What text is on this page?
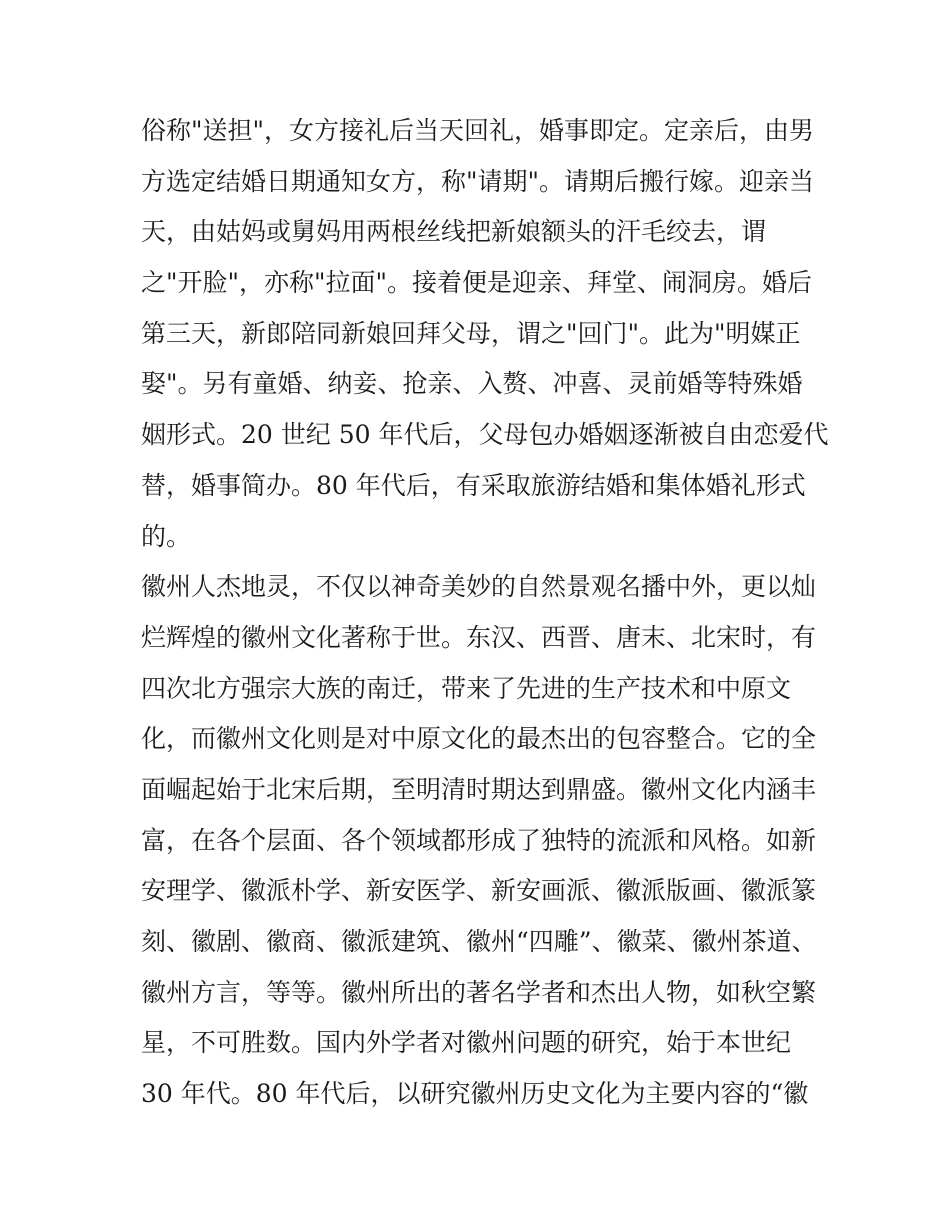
俗称"送担"，女方接礼后当天回礼，婚事即定。定亲后，由男
方选定结婚日期通知女方，称"请期"。请期后搬行嫁。迎亲当
天，由姑妈或舅妈用两根丝线把新娘额头的汗毛绞去，谓
之"开脸"，亦称"拉面"。接着便是迎亲、拜堂、闹洞房。婚后
第三天，新郎陪同新娘回拜父母，谓之"回门"。此为"明媒正
娶"。另有童婚、纳妾、抢亲、入赘、冲喜、灵前婚等特殊婚
姻形式。20 世纪 50 年代后，父母包办婚姻逐渐被自由恋爱代
替，婚事简办。80 年代后，有采取旅游结婚和集体婚礼形式
的。
徽州人杰地灵，不仅以神奇美妙的自然景观名播中外，更以灿
烂辉煌的徽州文化著称于世。东汉、西晋、唐末、北宋时，有
四次北方强宗大族的南迁，带来了先进的生产技术和中原文
化，而徽州文化则是对中原文化的最杰出的包容整合。它的全
面崛起始于北宋后期，至明清时期达到鼎盛。徽州文化内涵丰
富，在各个层面、各个领域都形成了独特的流派和风格。如新
安理学、徽派朴学、新安医学、新安画派、徽派版画、徽派篆
刻、徽剧、徽商、徽派建筑、徽州“四雕”、徽菜、徽州茶道、
徽州方言，等等。徽州所出的著名学者和杰出人物，如秋空繁
星，不可胜数。国内外学者对徽州问题的研究，始于本世纪
30 年代。80 年代后，以研究徽州历史文化为主要内容的“徽
